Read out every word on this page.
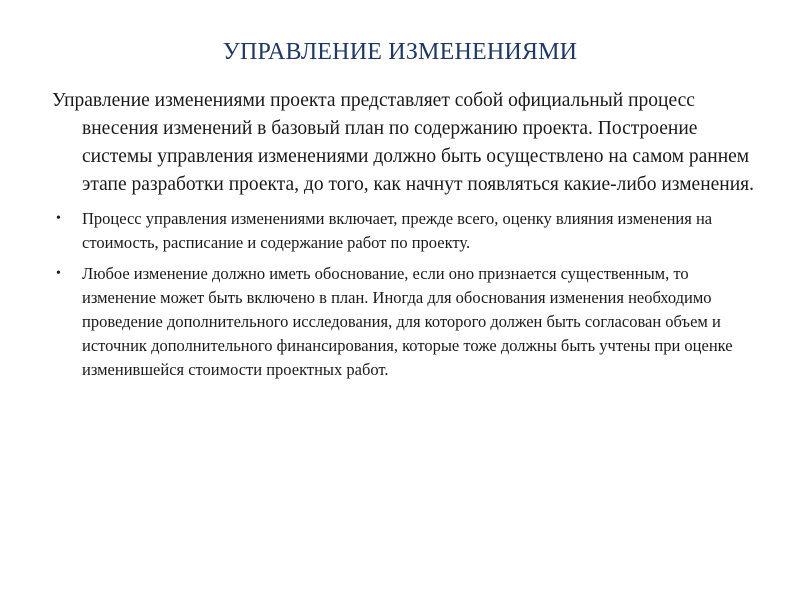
УПРАВЛЕНИЕ ИЗМЕНЕНИЯМИ

Управление изменениями проекта представляет собой официальный процесс внесения изменений в базовый план по содержанию проекта. Построение системы управления изменениями должно быть осуществлено на самом раннем этапе разработки проекта, до того, как начнут появляться какие-либо изменения.

• Процесс управления изменениями включает, прежде всего, оценку влияния изменения на стоимость, расписание и содержание работ по проекту.
• Любое изменение должно иметь обоснование, если оно признается существенным, то изменение может быть включено в план. Иногда для обоснования изменения необходимо проведение дополнительного исследования, для которого должен быть согласован объем и источник дополнительного финансирования, которые тоже должны быть учтены при оценке изменившейся стоимости проектных работ.
